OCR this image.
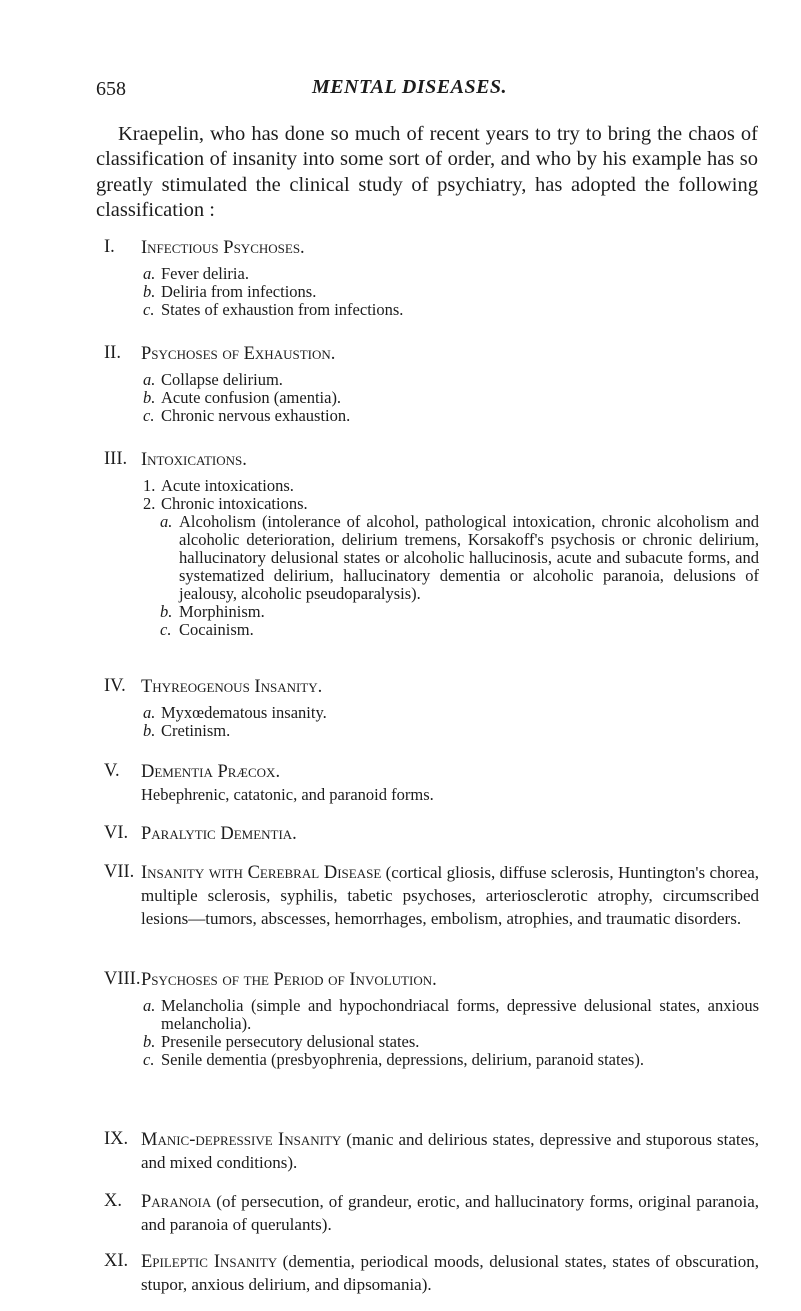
658	MENTAL DISEASES.

Kraepelin, who has done so much of recent years to try to bring the chaos of classification of insanity into some sort of order, and who by his example has so greatly stimulated the clinical study of psychiatry, has adopted the following classification :

I. Infectious Psychoses.
a. Fever deliria.
b. Deliria from infections.
c. States of exhaustion from infections.
II. Psychoses of Exhaustion.
a. Collapse delirium.
b. Acute confusion (amentia).
c. Chronic nervous exhaustion.
III. Intoxications.
1. Acute intoxications.
2. Chronic intoxications.
a. Alcoholism (intolerance of alcohol, pathological intoxication, chronic alcoholism and alcoholic deterioration, delirium tremens, Korsakoff's psychosis or chronic delirium, hallucinatory delusional states or alcoholic hallucinosis, acute and subacute forms, and systematized delirium, hallucinatory dementia or alcoholic paranoia, delusions of jealousy, alcoholic pseudoparalysis).
b. Morphinism.
c. Cocainism.
IV. Thyreogenous Insanity.
a. Myxœdematous insanity.
b. Cretinism.
V. Dementia Præcox.
Hebephrenic, catatonic, and paranoid forms.
VI. Paralytic Dementia.
VII. Insanity with Cerebral Disease (cortical gliosis, diffuse sclerosis, Huntington's chorea, multiple sclerosis, syphilis, tabetic psychoses, arteriosclerotic atrophy, circumscribed lesions—tumors, abscesses, hemorrhages, embolism, atrophies, and traumatic disorders.
VIII. Psychoses of the Period of Involution.
a. Melancholia (simple and hypochondriacal forms, depressive delusional states, anxious melancholia).
b. Presenile persecutory delusional states.
c. Senile dementia (presbyophrenia, depressions, delirium, paranoid states).
IX. Manic-depressive Insanity (manic and delirious states, depressive and stuporous states, and mixed conditions).
X. Paranoia (of persecution, of grandeur, erotic, and hallucinatory forms, original paranoia, and paranoia of querulants).
XI. Epileptic Insanity (dementia, periodical moods, delusional states, states of obscuration, stupor, anxious delirium, and dipsomania).
